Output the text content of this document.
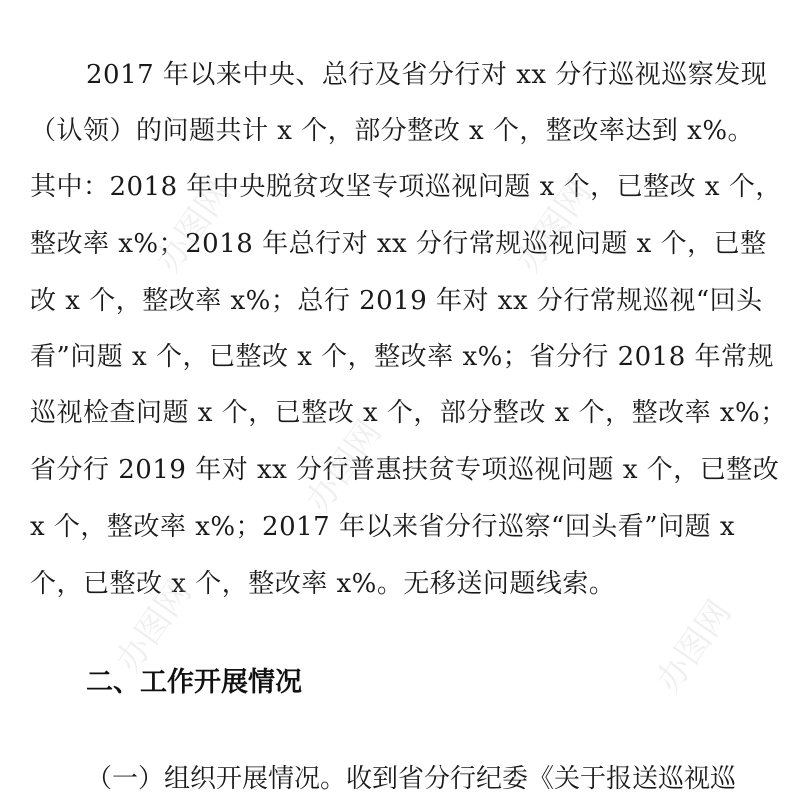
2017 年以来中央、总行及省分行对 xx 分行巡视巡察发现
（认领）的问题共计 x 个，部分整改 x 个，整改率达到 x%。
其中：2018 年中央脱贫攻坚专项巡视问题 x 个，已整改 x 个，
整改率 x%；2018 年总行对 xx 分行常规巡视问题 x 个，已整
改 x 个，整改率 x%；总行 2019 年对 xx 分行常规巡视“回头
看”问题 x 个，已整改 x 个，整改率 x%；省分行 2018 年常规
巡视检查问题 x 个，已整改 x 个，部分整改 x 个，整改率 x%；
省分行 2019 年对 xx 分行普惠扶贫专项巡视问题 x 个，已整改
x 个，整改率 x%；2017 年以来省分行巡察“回头看”问题 x
个，已整改 x 个，整改率 x%。无移送问题线索。
二、工作开展情况
（一）组织开展情况。收到省分行纪委《关于报送巡视巡
办图网	办图网
办图网
办图网	办图网
